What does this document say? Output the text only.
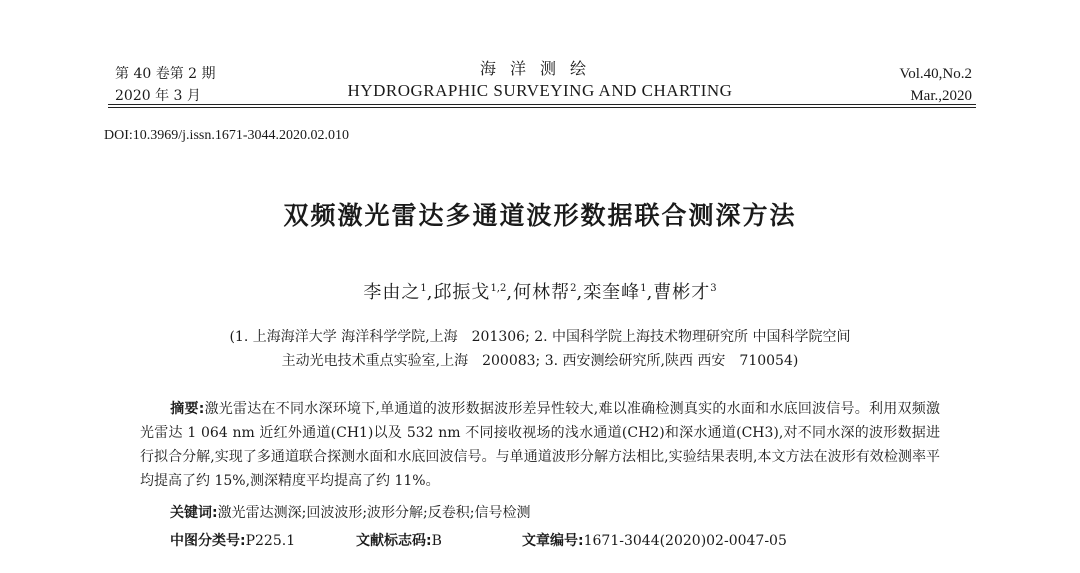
第 40 卷第 2 期
2020 年 3 月
海洋测绘
HYDROGRAPHIC SURVEYING AND CHARTING
Vol.40,No.2
Mar.,2020
DOI:10.3969/j.issn.1671-3044.2020.02.010
双频激光雷达多通道波形数据联合测深方法
李由之$^1$,邱振戈$^{1,2}$,何林帮$^2$,栾奎峰$^1$,曹彬才$^3$
(1. 上海海洋大学 海洋科学学院,上海　201306; 2. 中国科学院上海技术物理研究所 中国科学院空间
主动光电技术重点实验室,上海　200083; 3. 西安测绘研究所,陕西 西安　710054)
摘要:激光雷达在不同水深环境下,单通道的波形数据波形差异性较大,难以准确检测真实的水面和水底回波信号。利用双频激光雷达 1 064 nm 近红外通道(CH1)以及 532 nm 不同接收视场的浅水通道(CH2)和深水通道(CH3),对不同水深的波形数据进行拟合分解,实现了多通道联合探测水面和水底回波信号。与单通道波形分解方法相比,实验结果表明,本文方法在波形有效检测率平均提高了约 15%,测深精度平均提高了约 11%。
关键词:激光雷达测深;回波波形;波形分解;反卷积;信号检测
中图分类号:P225.1	文献标志码:B	文章编号:1671-3044(2020)02-0047-05
